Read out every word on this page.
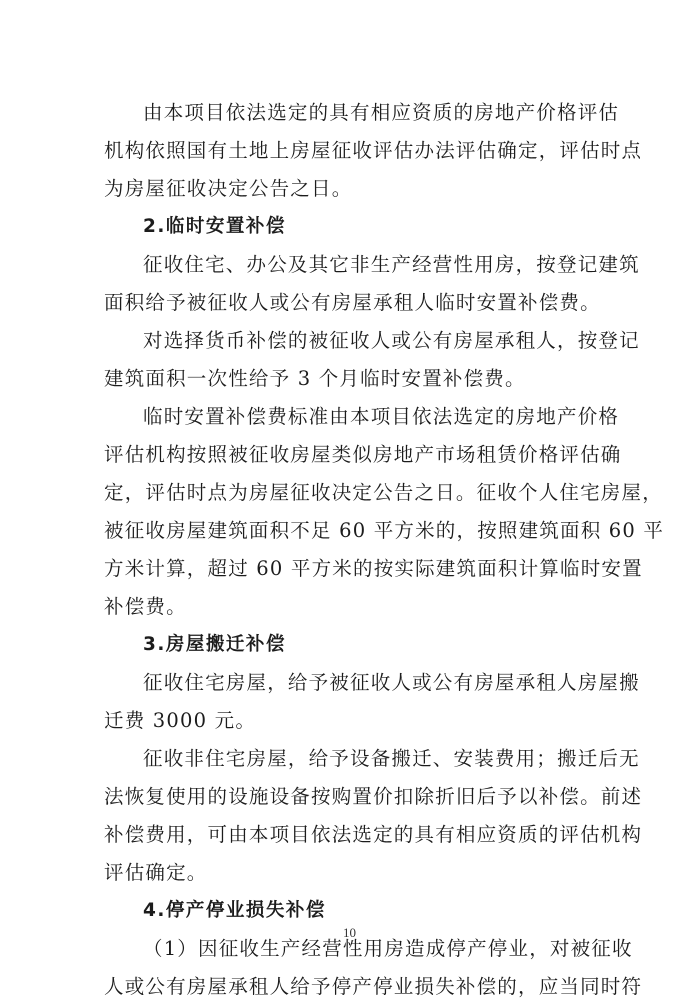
由本项目依法选定的具有相应资质的房地产价格评估
机构依照国有土地上房屋征收评估办法评估确定，评估时点
为房屋征收决定公告之日。
2.临时安置补偿
征收住宅、办公及其它非生产经营性用房，按登记建筑
面积给予被征收人或公有房屋承租人临时安置补偿费。
对选择货币补偿的被征收人或公有房屋承租人，按登记
建筑面积一次性给予 3 个月临时安置补偿费。
临时安置补偿费标准由本项目依法选定的房地产价格
评估机构按照被征收房屋类似房地产市场租赁价格评估确
定，评估时点为房屋征收决定公告之日。征收个人住宅房屋，
被征收房屋建筑面积不足 60 平方米的，按照建筑面积 60 平
方米计算，超过 60 平方米的按实际建筑面积计算临时安置
补偿费。
3.房屋搬迁补偿
征收住宅房屋，给予被征收人或公有房屋承租人房屋搬
迁费 3000 元。
征收非住宅房屋，给予设备搬迁、安装费用；搬迁后无
法恢复使用的设施设备按购置价扣除折旧后予以补偿。前述
补偿费用，可由本项目依法选定的具有相应资质的评估机构
评估确定。
4.停产停业损失补偿
（1）因征收生产经营性用房造成停产停业，对被征收
人或公有房屋承租人给予停产停业损失补偿的，应当同时符
10
